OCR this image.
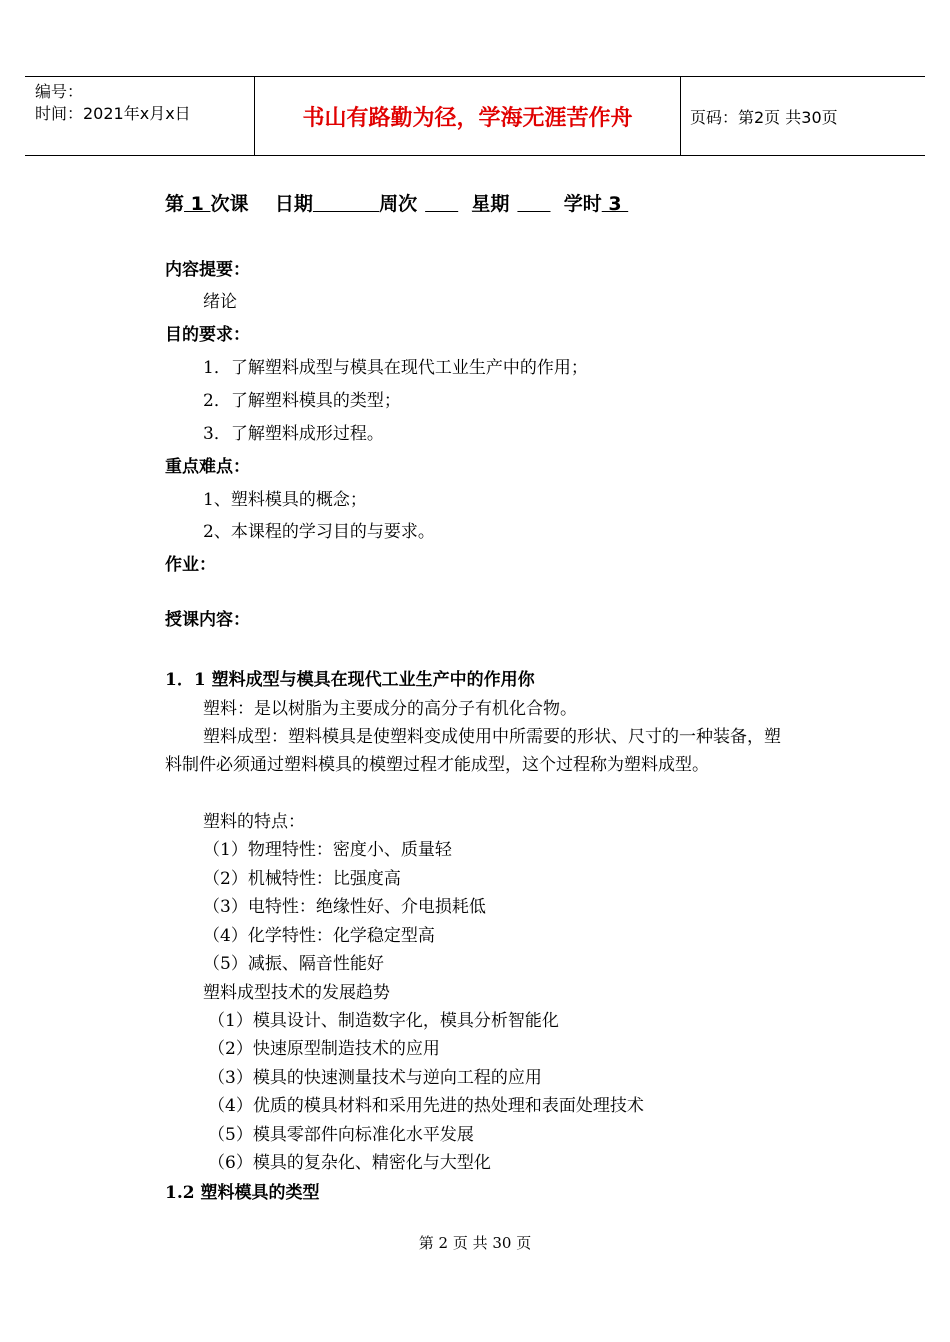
编号：
时间：2021年x月x日	书山有路勤为径，学海无涯苦作舟	页码：第2页 共30页
第 1 次课    日期	周次       星期       学时 3
内容提要：
绪论
目的要求：
1．了解塑料成型与模具在现代工业生产中的作用；
2．了解塑料模具的类型；
3．了解塑料成形过程。
重点难点：
1、塑料模具的概念；
2、本课程的学习目的与要求。
作业：
授课内容：
1．1 塑料成型与模具在现代工业生产中的作用你
塑料：是以树脂为主要成分的高分子有机化合物。
塑料成型：塑料模具是使塑料变成使用中所需要的形状、尺寸的一种装备，塑料制件必须通过塑料模具的模塑过程才能成型，这个过程称为塑料成型。
塑料的特点：
（1）物理特性：密度小、质量轻
（2）机械特性：比强度高
（3）电特性：绝缘性好、介电损耗低
（4）化学特性：化学稳定型高
（5）减振、隔音性能好
塑料成型技术的发展趋势
（1）模具设计、制造数字化，模具分析智能化
（2）快速原型制造技术的应用
（3）模具的快速测量技术与逆向工程的应用
（4）优质的模具材料和采用先进的热处理和表面处理技术
（5）模具零部件向标准化水平发展
（6）模具的复杂化、精密化与大型化
1.2 塑料模具的类型
第 2 页 共 30 页
